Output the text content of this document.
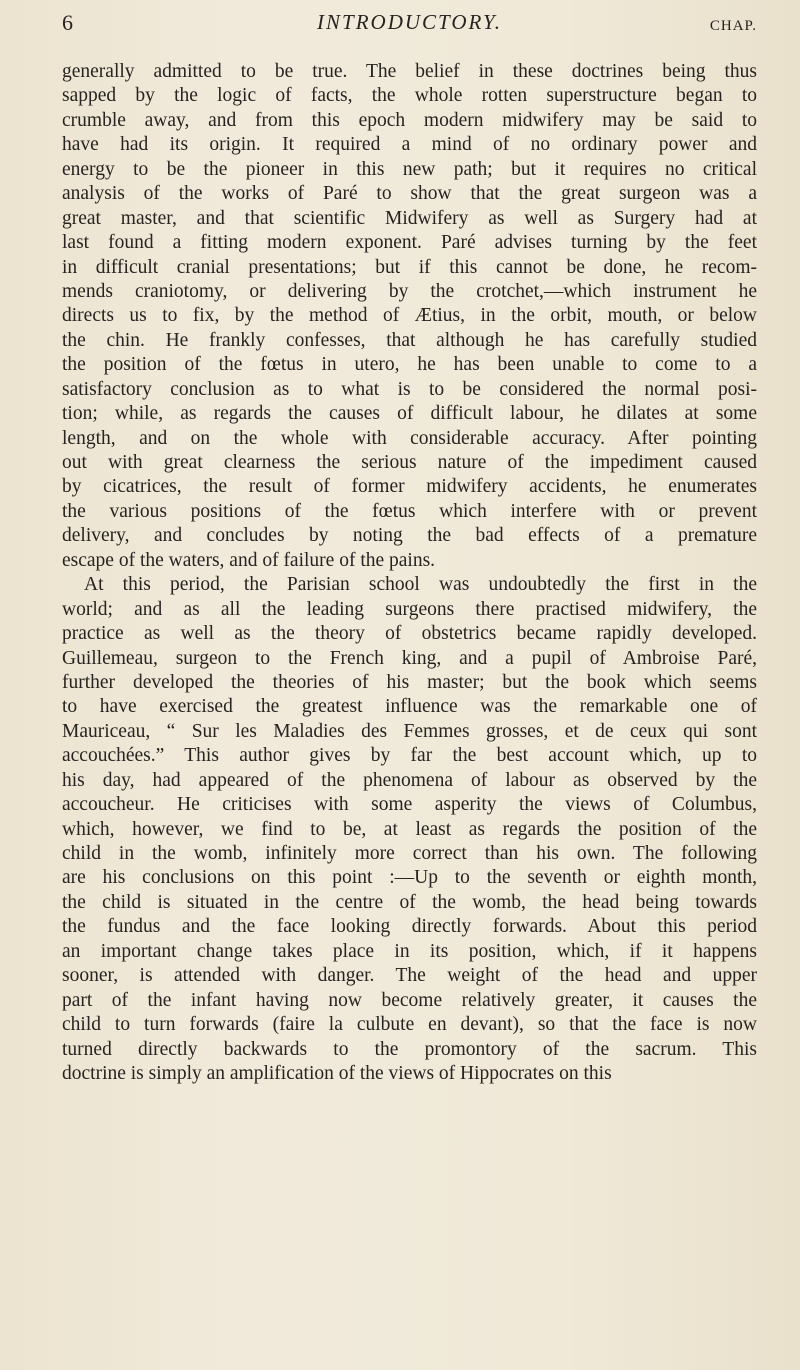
6	INTRODUCTORY.	CHAP.
generally admitted to be true. The belief in these doctrines being thus
sapped by the logic of facts, the whole rotten superstructure began to
crumble away, and from this epoch modern midwifery may be said to
have had its origin. It required a mind of no ordinary power and
energy to be the pioneer in this new path; but it requires no critical
analysis of the works of Paré to show that the great surgeon was a
great master, and that scientific Midwifery as well as Surgery had at
last found a fitting modern exponent. Paré advises turning by the feet
in difficult cranial presentations; but if this cannot be done, he recom-
mends craniotomy, or delivering by the crotchet,—which instrument he
directs us to fix, by the method of Ætius, in the orbit, mouth, or below
the chin. He frankly confesses, that although he has carefully studied
the position of the fœtus in utero, he has been unable to come to a
satisfactory conclusion as to what is to be considered the normal posi-
tion; while, as regards the causes of difficult labour, he dilates at some
length, and on the whole with considerable accuracy. After pointing
out with great clearness the serious nature of the impediment caused
by cicatrices, the result of former midwifery accidents, he enumerates
the various positions of the fœtus which interfere with or prevent
delivery, and concludes by noting the bad effects of a premature
escape of the waters, and of failure of the pains.
At this period, the Parisian school was undoubtedly the first in the
world; and as all the leading surgeons there practised midwifery, the
practice as well as the theory of obstetrics became rapidly developed.
Guillemeau, surgeon to the French king, and a pupil of Ambroise Paré,
further developed the theories of his master; but the book which seems
to have exercised the greatest influence was the remarkable one of
Mauriceau, “ Sur les Maladies des Femmes grosses, et de ceux qui sont
accouchées.” This author gives by far the best account which, up to
his day, had appeared of the phenomena of labour as observed by the
accoucheur. He criticises with some asperity the views of Columbus,
which, however, we find to be, at least as regards the position of the
child in the womb, infinitely more correct than his own. The following
are his conclusions on this point :—Up to the seventh or eighth month,
the child is situated in the centre of the womb, the head being towards
the fundus and the face looking directly forwards. About this period
an important change takes place in its position, which, if it happens
sooner, is attended with danger. The weight of the head and upper
part of the infant having now become relatively greater, it causes the
child to turn forwards (faire la culbute en devant), so that the face is now
turned directly backwards to the promontory of the sacrum. This
doctrine is simply an amplification of the views of Hippocrates on this
